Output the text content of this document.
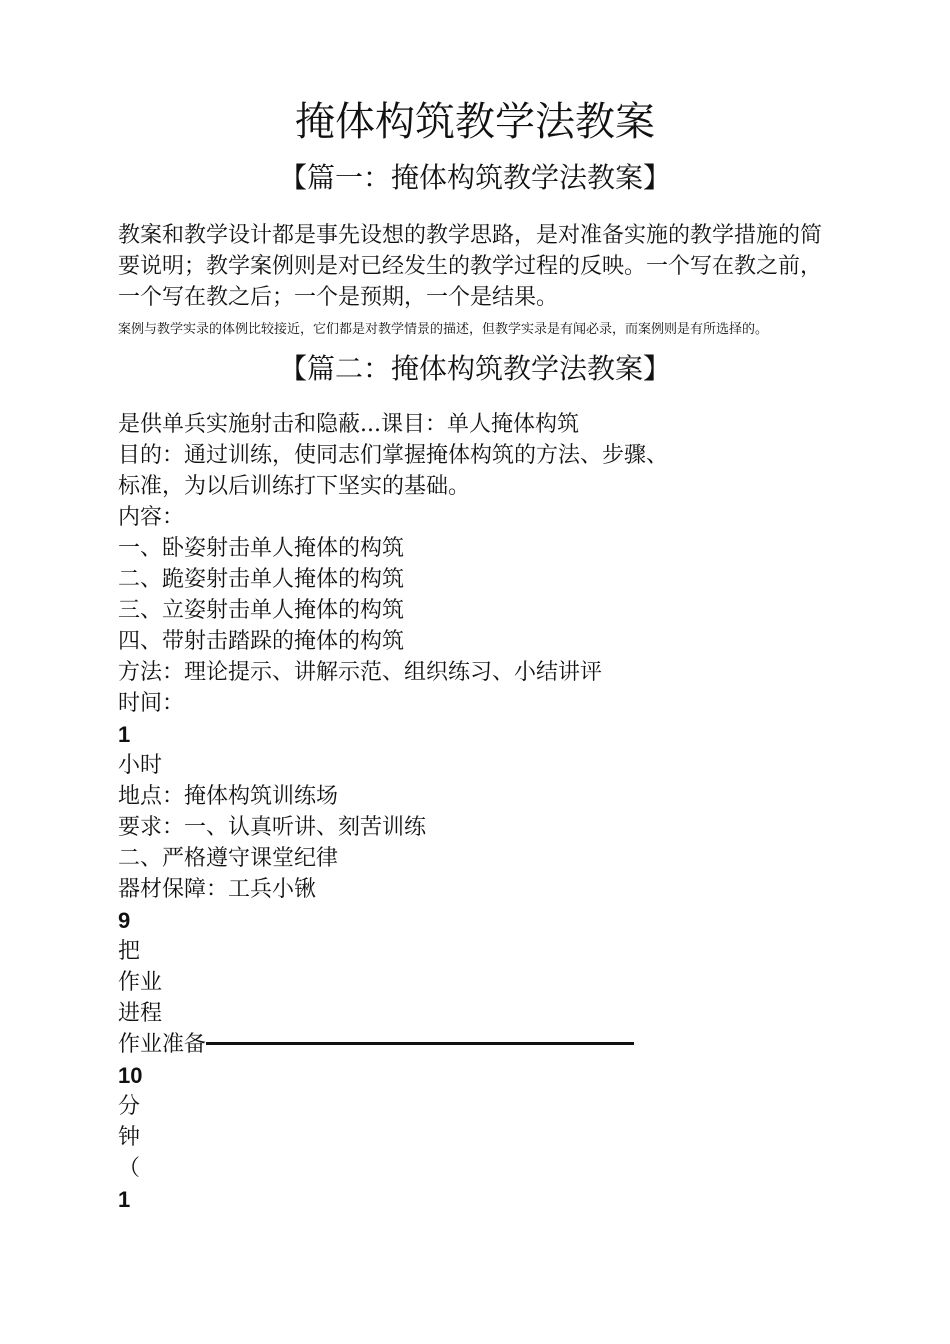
掩体构筑教学法教案
【篇一：掩体构筑教学法教案】

教案和教学设计都是事先设想的教学思路，是对准备实施的教学措施的简要说明；教学案例则是对已经发生的教学过程的反映。一个写在教之前，一个写在教之后；一个是预期，一个是结果。

案例与教学实录的体例比较接近，它们都是对教学情景的描述，但教学实录是有闻必录，而案例则是有所选择的。

【篇二：掩体构筑教学法教案】
是供单兵实施射击和隐蔽...课目：单人掩体构筑
目的：通过训练，使同志们掌握掩体构筑的方法、步骤、
标准，为以后训练打下坚实的基础。
内容：
一、卧姿射击单人掩体的构筑
二、跪姿射击单人掩体的构筑
三、立姿射击单人掩体的构筑
四、带射击踏跺的掩体的构筑
方法：理论提示、讲解示范、组织练习、小结讲评
时间：
1
小时
地点：掩体构筑训练场
要求：一、认真听讲、刻苦训练
二、严格遵守课堂纪律
器材保障：工兵小锹
9
把
作业
进程
作业准备
10
分
钟
（
1
